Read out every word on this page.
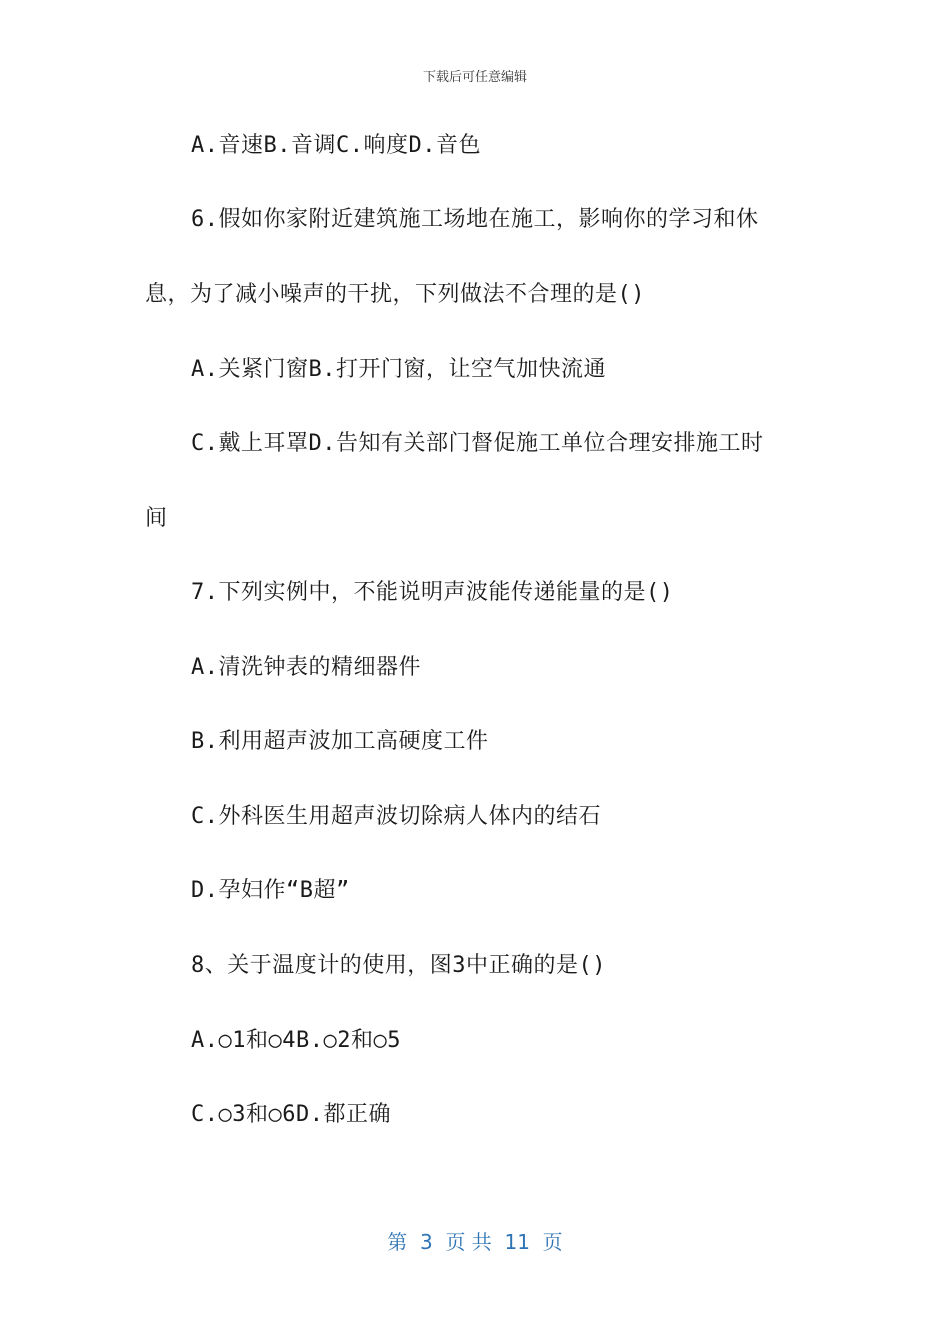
下载后可任意编辑
A.音速B.音调C.响度D.音色
6.假如你家附近建筑施工场地在施工，影响你的学习和休
息，为了减小噪声的干扰，下列做法不合理的是()
A.关紧门窗B.打开门窗，让空气加快流通
C.戴上耳罩D.告知有关部门督促施工单位合理安排施工时
间
7.下列实例中，不能说明声波能传递能量的是()
A.清洗钟表的精细器件
B.利用超声波加工高硬度工件
C.外科医生用超声波切除病人体内的结石
D.孕妇作“B超”
8、关于温度计的使用，图3中正确的是()
A.○1和○4B.○2和○5
C.○3和○6D.都正确
第  3  页 共  11  页
